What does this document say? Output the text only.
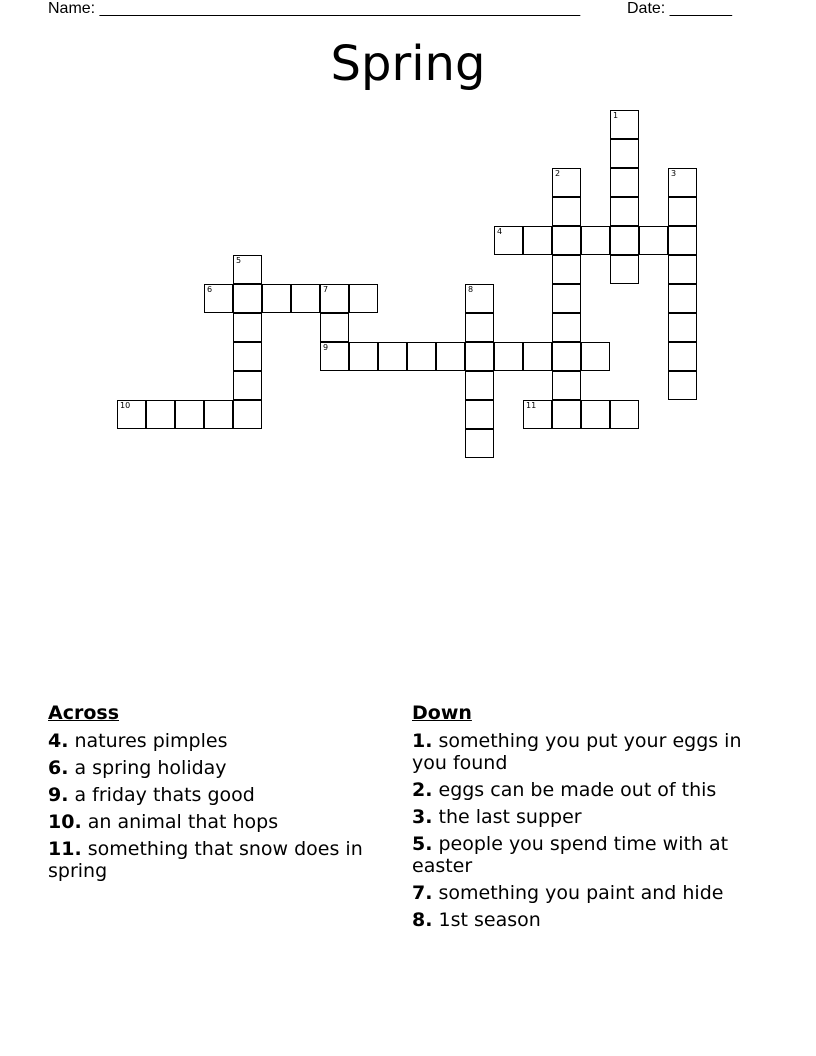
Name: ______________________________________________________	Date: _______
Spring
1
2	3
4
5
6	7
9
8
10	11
Across
4. natures pimples
6. a spring holiday
9. a friday thats good
10. an animal that hops
11. something that snow does in spring
Down
1. something you put your eggs in you found
2. eggs can be made out of this
3. the last supper
5. people you spend time with at easter
7. something you paint and hide
8. 1st season
